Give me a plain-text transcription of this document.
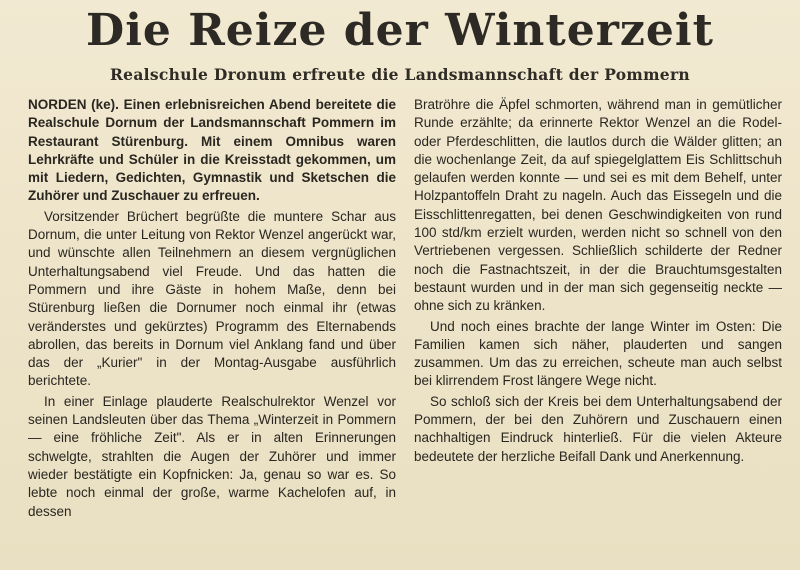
Die Reize der Winterzeit
Realschule Dronum erfreute die Landsmannschaft der Pommern

NORDEN (ke). Einen erlebnisreichen Abend bereitete die Realschule Dornum der Landsmannschaft Pommern im Restaurant Stürenburg. Mit einem Omnibus waren Lehrkräfte und Schüler in die Kreisstadt gekommen, um mit Liedern, Gedichten, Gymnastik und Sketschen die Zuhörer und Zuschauer zu erfreuen.

Vorsitzender Brüchert begrüßte die muntere Schar aus Dornum, die unter Leitung von Rektor Wenzel angerückt war, und wünschte allen Teilnehmern an diesem vergnüglichen Unterhaltungsabend viel Freude. Und das hatten die Pommern und ihre Gäste in hohem Maße, denn bei Stürenburg ließen die Dornumer noch einmal ihr (etwas veränderstes und gekürztes) Programm des Elternabends abrollen, das bereits in Dornum viel Anklang fand und über das der „Kurier" in der Montag-Ausgabe ausführlich berichtete.

In einer Einlage plauderte Realschulrektor Wenzel vor seinen Landsleuten über das Thema „Winterzeit in Pommern — eine fröhliche Zeit". Als er in alten Erinnerungen schwelgte, strahlten die Augen der Zuhörer und immer wieder bestätigte ein Kopfnicken: Ja, genau so war es. So lebte noch einmal der große, warme Kachelofen auf, in dessen

Bratröhre die Äpfel schmorten, während man in gemütlicher Runde erzählte; da erinnerte Rektor Wenzel an die Rodel- oder Pferdeschlitten, die lautlos durch die Wälder glitten; an die wochenlange Zeit, da auf spiegelglattem Eis Schlittschuh gelaufen werden konnte — und sei es mit dem Behelf, unter Holzpantoffeln Draht zu nageln. Auch das Eissegeln und die Eisschlittenregatten, bei denen Geschwindigkeiten von rund 100 std/km erzielt wurden, werden nicht so schnell von den Vertriebenen vergessen. Schließlich schilderte der Redner noch die Fastnachtszeit, in der die Brauchtumsgestalten bestaunt wurden und in der man sich gegenseitig neckte — ohne sich zu kränken.

Und noch eines brachte der lange Winter im Osten: Die Familien kamen sich näher, plauderten und sangen zusammen. Um das zu erreichen, scheute man auch selbst bei klirrendem Frost längere Wege nicht.

So schloß sich der Kreis bei dem Unterhaltungsabend der Pommern, der bei den Zuhörern und Zuschauern einen nachhaltigen Eindruck hinterließ. Für die vielen Akteure bedeutete der herzliche Beifall Dank und Anerkennung.
